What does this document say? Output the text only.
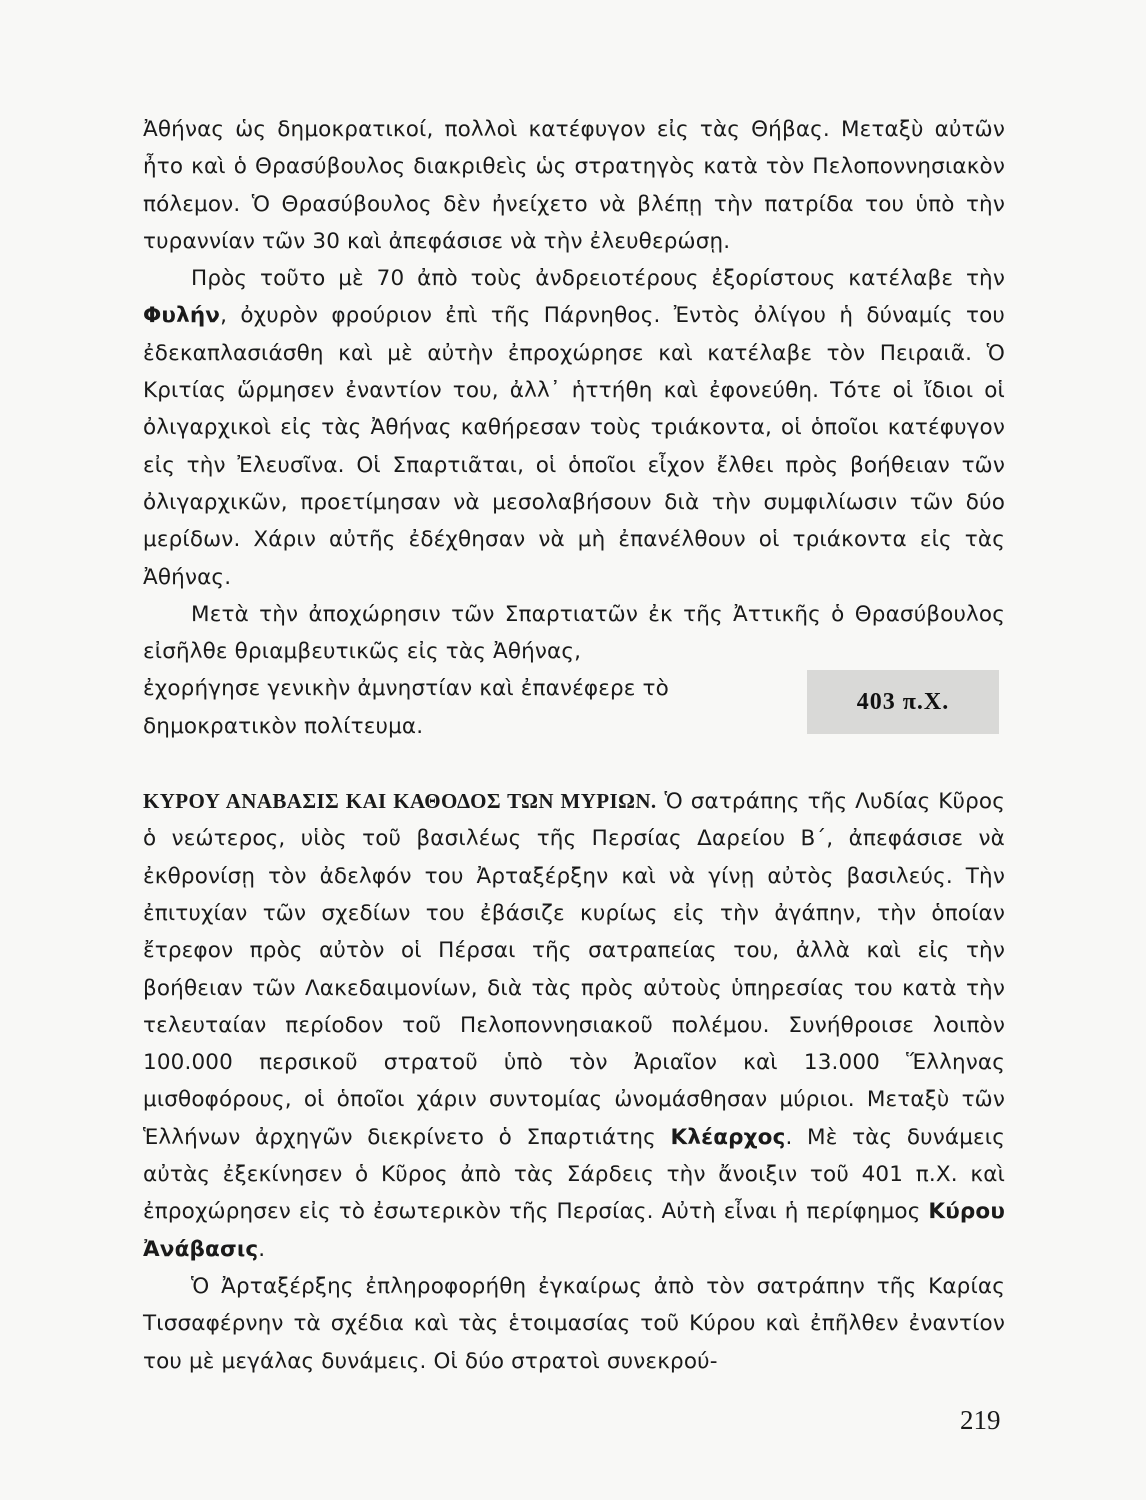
Ἀθήνας ὡς δημοκρατικοί, πολλοὶ κατέφυγον εἰς τὰς Θήβας. Μεταξὺ αὐτῶν ἦτο καὶ ὁ Θρασύβουλος διακριθεὶς ὡς στρατηγὸς κατὰ τὸν Πελοποννησιακὸν πόλεμον. Ὁ Θρασύβουλος δὲν ἠνείχετο νὰ βλέπῃ τὴν πατρίδα του ὑπὸ τὴν τυραννίαν τῶν 30 καὶ ἀπεφάσισε νὰ τὴν ἐλευθερώσῃ.

Πρὸς τοῦτο μὲ 70 ἀπὸ τοὺς ἀνδρειοτέρους ἐξορίστους κατέλαβε τὴν Φυλήν, ὀχυρὸν φρούριον ἐπὶ τῆς Πάρνηθος. Ἐντὸς ὀλίγου ἡ δύναμίς του ἐδεκαπλασιάσθη καὶ μὲ αὐτὴν ἐπροχώρησε καὶ κατέλαβε τὸν Πειραιᾶ. Ὁ Κριτίας ὥρμησεν ἐναντίον του, ἀλλ᾽ ἡττήθη καὶ ἐφονεύθη. Τότε οἱ ἴδιοι οἱ ὀλιγαρχικοὶ εἰς τὰς Ἀθήνας καθήρεσαν τοὺς τριάκοντα, οἱ ὁποῖοι κατέφυγον εἰς τὴν Ἐλευσῖνα. Οἱ Σπαρτιᾶται, οἱ ὁποῖοι εἶχον ἔλθει πρὸς βοήθειαν τῶν ὀλιγαρχικῶν, προετίμησαν νὰ μεσολαβήσουν διὰ τὴν συμφιλίωσιν τῶν δύο μερίδων. Χάριν αὐτῆς ἐδέχθησαν νὰ μὴ ἐπανέλθουν οἱ τριάκοντα εἰς τὰς Ἀθήνας.

Μετὰ τὴν ἀποχώρησιν τῶν Σπαρτιατῶν ἐκ τῆς Ἀττικῆς ὁ Θρασύβουλος εἰσῆλθε θριαμβευτικῶς εἰς τὰς Ἀθήνας,

ἐχορήγησε γενικὴν ἀμνηστίαν καὶ ἐπανέφερε τὸ

δημοκρατικὸν πολίτευμα.

ΚΥΡΟΥ ΑΝΑΒΑΣΙΣ ΚΑΙ ΚΑΘΟΔΟΣ ΤΩΝ ΜΥΡΙΩΝ. Ὁ σατράπης τῆς Λυδίας Κῦρος ὁ νεώτερος, υἱὸς τοῦ βασιλέως τῆς Περσίας Δαρείου Β΄, ἀπεφάσισε νὰ ἐκθρονίσῃ τὸν ἀδελφόν του Ἀρταξέρξην καὶ νὰ γίνῃ αὐτὸς βασιλεύς. Τὴν ἐπιτυχίαν τῶν σχεδίων του ἐβάσιζε κυρίως εἰς τὴν ἀγάπην, τὴν ὁποίαν ἔτρεφον πρὸς αὐτὸν οἱ Πέρσαι τῆς σατραπείας του, ἀλλὰ καὶ εἰς τὴν βοήθειαν τῶν Λακεδαιμονίων, διὰ τὰς πρὸς αὐτοὺς ὑπηρεσίας του κατὰ τὴν τελευταίαν περίοδον τοῦ Πελοποννησιακοῦ πολέμου. Συνήθροισε λοιπὸν 100.000 περσικοῦ στρατοῦ ὑπὸ τὸν Ἀριαῖον καὶ 13.000 Ἕλληνας μισθοφόρους, οἱ ὁποῖοι χάριν συντομίας ὠνομάσθησαν μύριοι. Μεταξὺ τῶν Ἑλλήνων ἀρχηγῶν διεκρίνετο ὁ Σπαρτιάτης Κλέαρχος. Μὲ τὰς δυνάμεις αὐτὰς ἐξεκίνησεν ὁ Κῦρος ἀπὸ τὰς Σάρδεις τὴν ἄνοιξιν τοῦ 401 π.Χ. καὶ ἐπροχώρησεν εἰς τὸ ἐσωτερικὸν τῆς Περσίας. Αὐτὴ εἶναι ἡ περίφημος Κύρου Ἀνάβασις.

Ὁ Ἀρταξέρξης ἐπληροφορήθη ἐγκαίρως ἀπὸ τὸν σατράπην τῆς Καρίας Τισσαφέρνην τὰ σχέδια καὶ τὰς ἑτοιμασίας τοῦ Κύρου καὶ ἐπῆλθεν ἐναντίον του μὲ μεγάλας δυνάμεις. Οἱ δύο στρατοὶ συνεκρού-

403 π.Χ.
219
